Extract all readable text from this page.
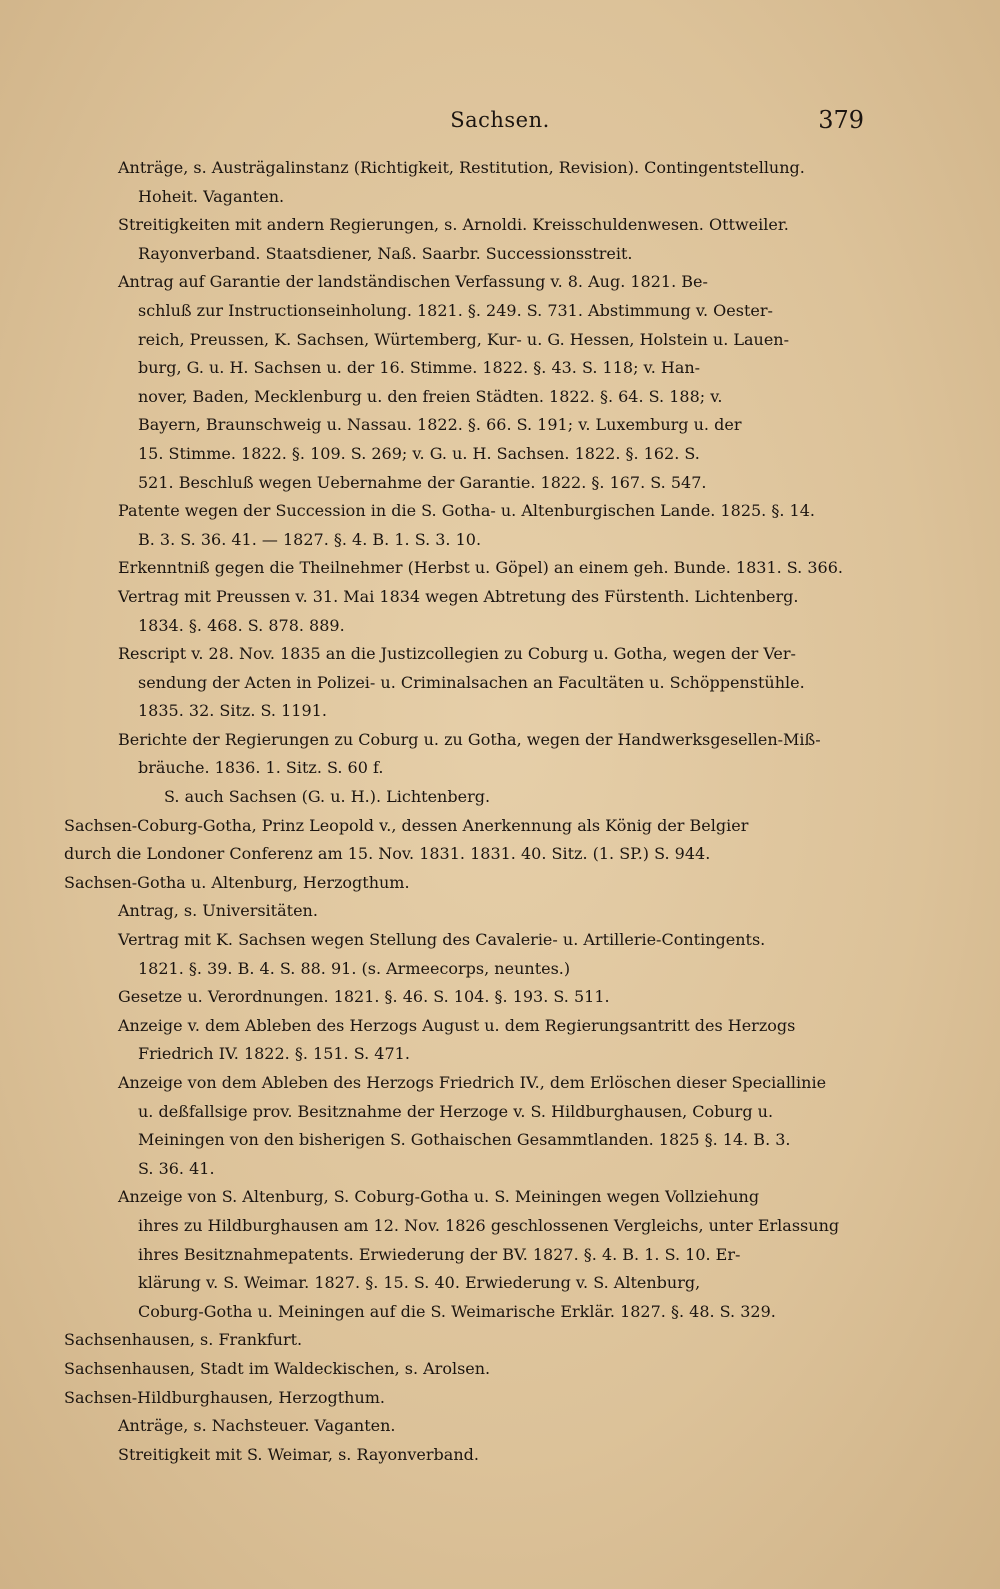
Sachsen.	379
Anträge, s. Austrägalinstanz (Richtigkeit, Restitution, Revision). Contingentstellung.
Hoheit. Vaganten.
Streitigkeiten mit andern Regierungen, s. Arnoldi. Kreisschuldenwesen. Ottweiler.
Rayonverband. Staatsdiener, Naß. Saarbr. Successionsstreit.
Antrag auf Garantie der landständischen Verfassung v. 8. Aug. 1821. Be-
schluß zur Instructionseinholung. 1821. §. 249. S. 731. Abstimmung v. Oester-
reich, Preussen, K. Sachsen, Würtemberg, Kur- u. G. Hessen, Holstein u. Lauen-
burg, G. u. H. Sachsen u. der 16. Stimme. 1822. §. 43. S. 118; v. Han-
nover, Baden, Mecklenburg u. den freien Städten. 1822. §. 64. S. 188; v.
Bayern, Braunschweig u. Nassau. 1822. §. 66. S. 191; v. Luxemburg u. der
15. Stimme. 1822. §. 109. S. 269; v. G. u. H. Sachsen. 1822. §. 162. S.
521. Beschluß wegen Uebernahme der Garantie. 1822. §. 167. S. 547.
Patente wegen der Succession in die S. Gotha- u. Altenburgischen Lande. 1825. §. 14.
B. 3. S. 36. 41. — 1827. §. 4. B. 1. S. 3. 10.
Erkenntniß gegen die Theilnehmer (Herbst u. Göpel) an einem geh. Bunde. 1831. S. 366.
Vertrag mit Preussen v. 31. Mai 1834 wegen Abtretung des Fürstenth. Lichtenberg.
1834. §. 468. S. 878. 889.
Rescript v. 28. Nov. 1835 an die Justizcollegien zu Coburg u. Gotha, wegen der Ver-
sendung der Acten in Polizei- u. Criminalsachen an Facultäten u. Schöppenstühle.
1835. 32. Sitz. S. 1191.
Berichte der Regierungen zu Coburg u. zu Gotha, wegen der Handwerksgesellen-Miß-
bräuche. 1836. 1. Sitz. S. 60 f.
S. auch Sachsen (G. u. H.). Lichtenberg.
Sachsen-Coburg-Gotha, Prinz Leopold v., dessen Anerkennung als König der Belgier
durch die Londoner Conferenz am 15. Nov. 1831. 1831. 40. Sitz. (1. SP.) S. 944.
Sachsen-Gotha u. Altenburg, Herzogthum.
Antrag, s. Universitäten.
Vertrag mit K. Sachsen wegen Stellung des Cavalerie- u. Artillerie-Contingents.
1821. §. 39. B. 4. S. 88. 91. (s. Armeecorps, neuntes.)
Gesetze u. Verordnungen. 1821. §. 46. S. 104. §. 193. S. 511.
Anzeige v. dem Ableben des Herzogs August u. dem Regierungsantritt des Herzogs
Friedrich IV. 1822. §. 151. S. 471.
Anzeige von dem Ableben des Herzogs Friedrich IV., dem Erlöschen dieser Speciallinie
u. deßfallsige prov. Besitznahme der Herzoge v. S. Hildburghausen, Coburg u.
Meiningen von den bisherigen S. Gothaischen Gesammtlanden. 1825 §. 14. B. 3.
S. 36. 41.
Anzeige von S. Altenburg, S. Coburg-Gotha u. S. Meiningen wegen Vollziehung
ihres zu Hildburghausen am 12. Nov. 1826 geschlossenen Vergleichs, unter Erlassung
ihres Besitznahmepatents. Erwiederung der BV. 1827. §. 4. B. 1. S. 10. Er-
klärung v. S. Weimar. 1827. §. 15. S. 40. Erwiederung v. S. Altenburg,
Coburg-Gotha u. Meiningen auf die S. Weimarische Erklär. 1827. §. 48. S. 329.
Sachsenhausen, s. Frankfurt.
Sachsenhausen, Stadt im Waldeckischen, s. Arolsen.
Sachsen-Hildburghausen, Herzogthum.
Anträge, s. Nachsteuer. Vaganten.
Streitigkeit mit S. Weimar, s. Rayonverband.
